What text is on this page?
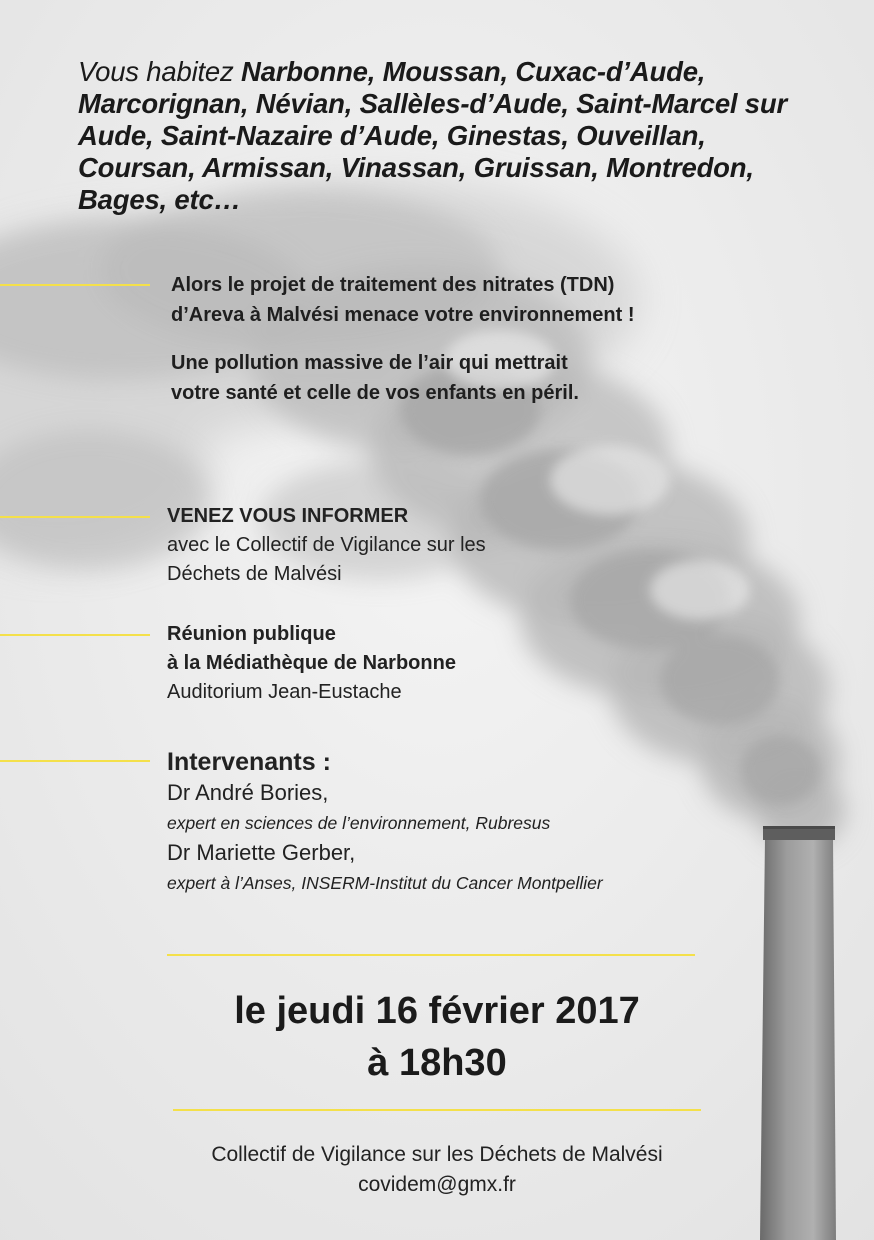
Vous habitez Narbonne, Moussan, Cuxac-d’Aude, Marcorignan, Névian, Sallèles-d’Aude, Saint-Marcel sur Aude, Saint-Nazaire d’Aude, Ginestas, Ouveillan, Coursan, Armissan, Vinassan, Gruissan, Montredon, Bages, etc…

Alors le projet de traitement des nitrates (TDN)

d’Areva à Malvési menace votre environnement !

Une pollution massive de l’air qui mettrait

votre santé et celle de vos enfants en péril.

VENEZ VOUS INFORMER
avec le Collectif de Vigilance sur les
Déchets de Malvési
Réunion publique
à la Médiathèque de Narbonne
Auditorium Jean-Eustache
Intervenants :
Dr André Bories,
expert en sciences de l’environnement, Rubresus
Dr Mariette Gerber,
expert à l’Anses, INSERM-Institut du Cancer Montpellier
le jeudi 16 février 2017
à 18h30
Collectif de Vigilance sur les Déchets de Malvési
covidem@gmx.fr
